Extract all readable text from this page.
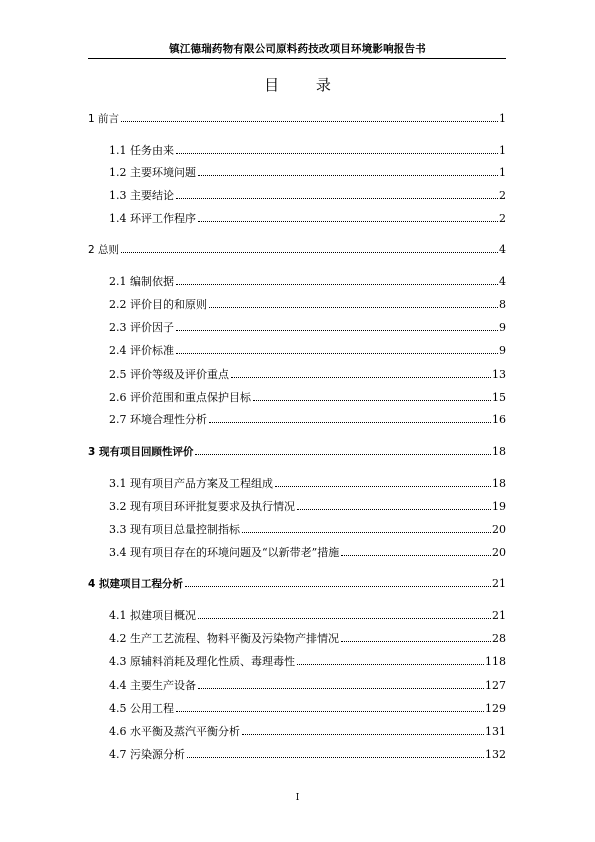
镇江德瑞药物有限公司原料药技改项目环境影响报告书
目 录
1 前言	1
1.1 任务由来	1
1.2 主要环境问题	1
1.3 主要结论	2
1.4 环评工作程序	2
2 总则	4
2.1 编制依据	4
2.2 评价目的和原则	8
2.3 评价因子	9
2.4 评价标准	9
2.5 评价等级及评价重点	13
2.6 评价范围和重点保护目标	15
2.7 环境合理性分析	16
3 现有项目回顾性评价	18
3.1 现有项目产品方案及工程组成	18
3.2 现有项目环评批复要求及执行情况	19
3.3 现有项目总量控制指标	20
3.4 现有项目存在的环境问题及“以新带老”措施	20
4 拟建项目工程分析	21
4.1 拟建项目概况	21
4.2 生产工艺流程、物料平衡及污染物产排情况	28
4.3 原辅料消耗及理化性质、毒理毒性	118
4.4 主要生产设备	127
4.5 公用工程	129
4.6 水平衡及蒸汽平衡分析	131
4.7 污染源分析	132
I
